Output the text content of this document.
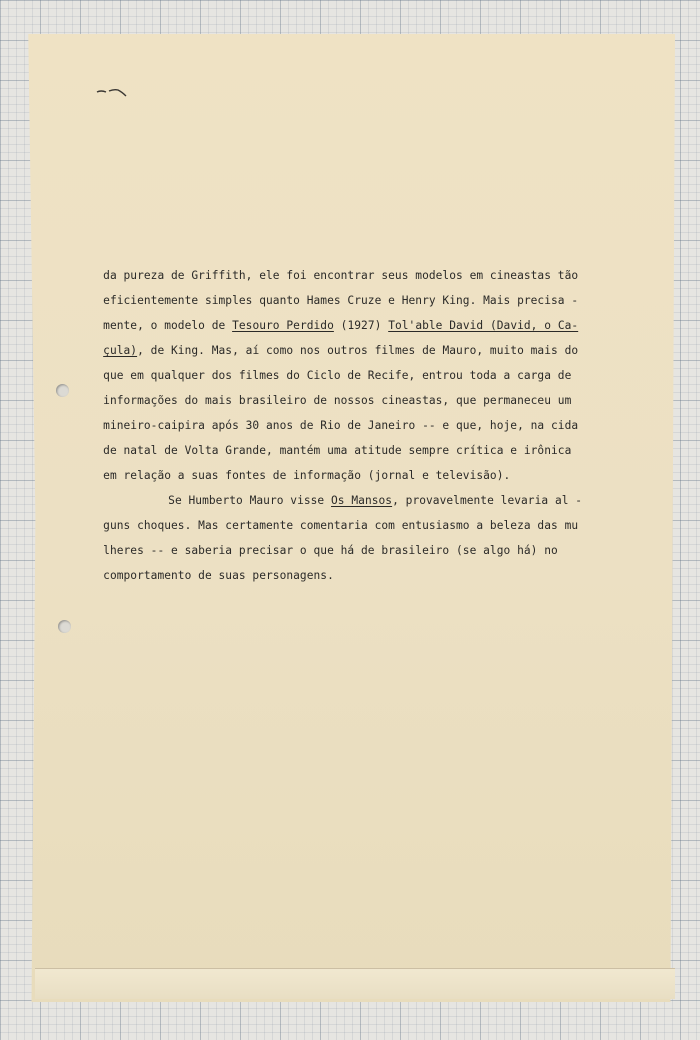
da pureza de Griffith, ele foi encontrar seus modelos em cineastas tão

eficientemente simples quanto Hames Cruze e Henry King. Mais precisa -

mente, o modelo de Tesouro Perdido (1927) Tol'able David (David, o Ca-

çula), de King. Mas, aí como nos outros filmes de Mauro, muito mais do

que em qualquer dos filmes do Ciclo de Recife, entrou toda a carga de

informações do mais brasileiro de nossos cineastas, que permaneceu um

mineiro-caipira após 30 anos de Rio de Janeiro -- e que, hoje, na cida

de natal de Volta Grande, mantém uma atitude sempre crítica e irônica

em relação a suas fontes de informação (jornal e televisão).

Se Humberto Mauro visse Os Mansos, provavelmente levaria al -

guns choques. Mas certamente comentaria com entusiasmo a beleza das mu

lheres -- e saberia precisar o que há de brasileiro (se algo há) no

comportamento de suas personagens.
